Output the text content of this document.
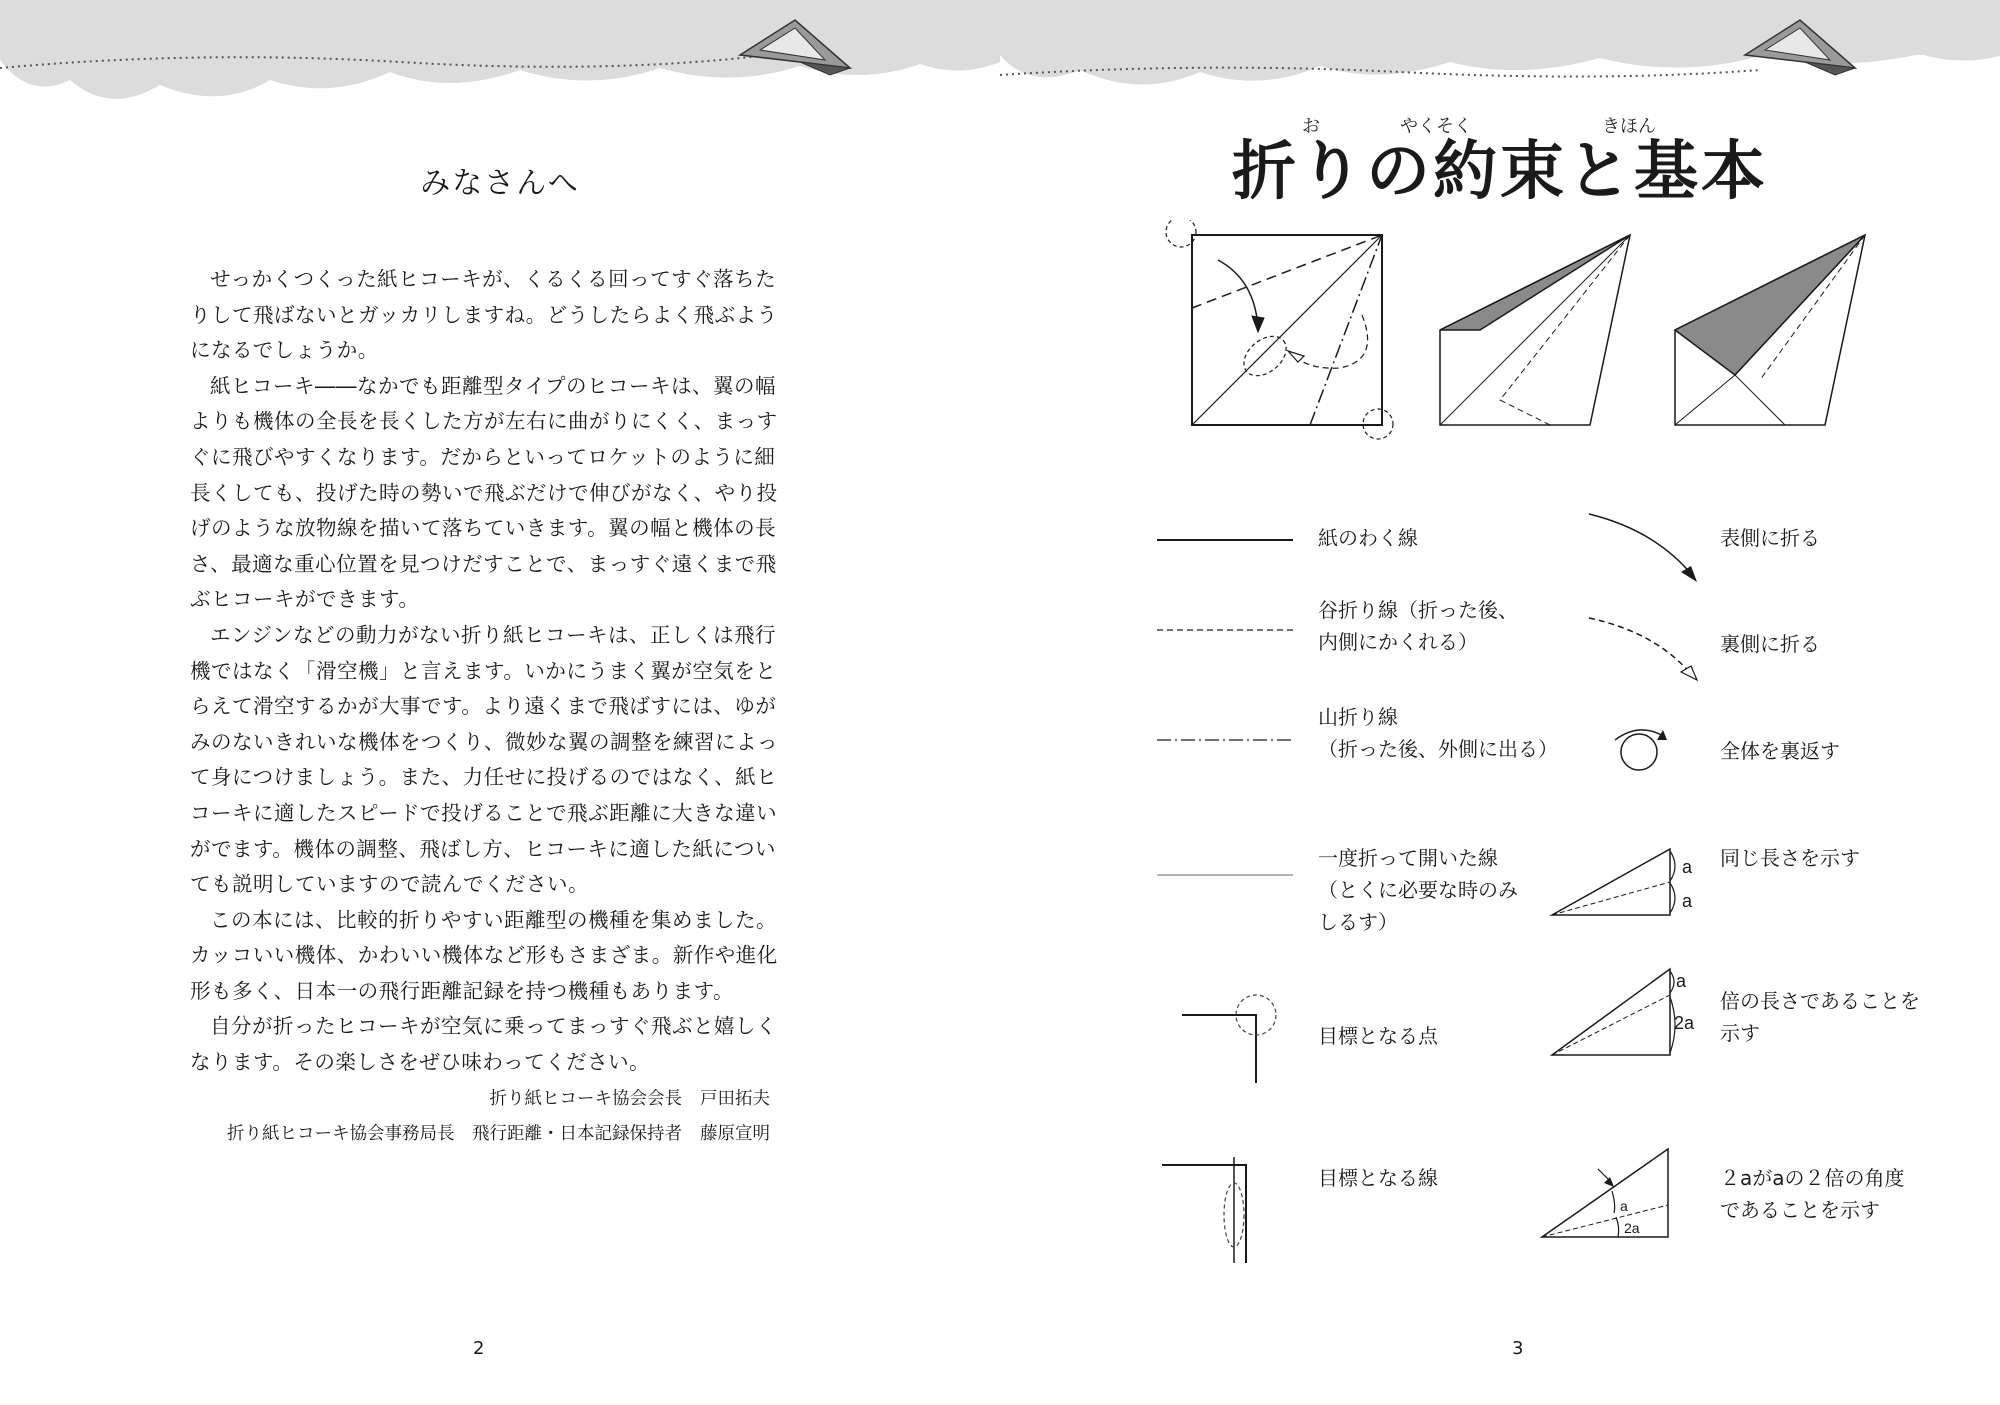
みなさんへ

せっかくつくった紙ヒコーキが、くるくる回ってすぐ落ちたりして飛ばないとガッカリしますね。どうしたらよく飛ぶようになるでしょうか。

紙ヒコーキ――なかでも距離型タイプのヒコーキは、翼の幅よりも機体の全長を長くした方が左右に曲がりにくく、まっすぐに飛びやすくなります。だからといってロケットのように細長くしても、投げた時の勢いで飛ぶだけで伸びがなく、やり投げのような放物線を描いて落ちていきます。翼の幅と機体の長さ、最適な重心位置を見つけだすことで、まっすぐ遠くまで飛ぶヒコーキができます。

エンジンなどの動力がない折り紙ヒコーキは、正しくは飛行機ではなく「滑空機」と言えます。いかにうまく翼が空気をとらえて滑空するかが大事です。より遠くまで飛ばすには、ゆがみのないきれいな機体をつくり、微妙な翼の調整を練習によって身につけましょう。また、力任せに投げるのではなく、紙ヒコーキに適したスピードで投げることで飛ぶ距離に大きな違いがでます。機体の調整、飛ばし方、ヒコーキに適した紙についても説明していますので読んでください。

この本には、比較的折りやすい距離型の機種を集めました。カッコいい機体、かわいい機体など形もさまざま。新作や進化形も多く、日本一の飛行距離記録を持つ機種もあります。

自分が折ったヒコーキが空気に乗ってまっすぐ飛ぶと嬉しくなります。その楽しさをぜひ味わってください。

折り紙ヒコーキ協会会長 戸田拓夫
折り紙ヒコーキ協会事務局長　飛行距離・日本記録保持者 藤原宣明
2
お	やくそく	きほん
折りの約束と基本
紙のわく線
谷折り線（折った後、
内側にかくれる）
山折り線
（折った後、外側に出る）
一度折って開いた線
（とくに必要な時のみ
しるす）
目標となる点
目標となる線
a
a
a
2a
a
2a
表側に折る
裏側に折る
全体を裏返す
同じ長さを示す
倍の長さであることを
示す
２aがaの２倍の角度
であることを示す
3
